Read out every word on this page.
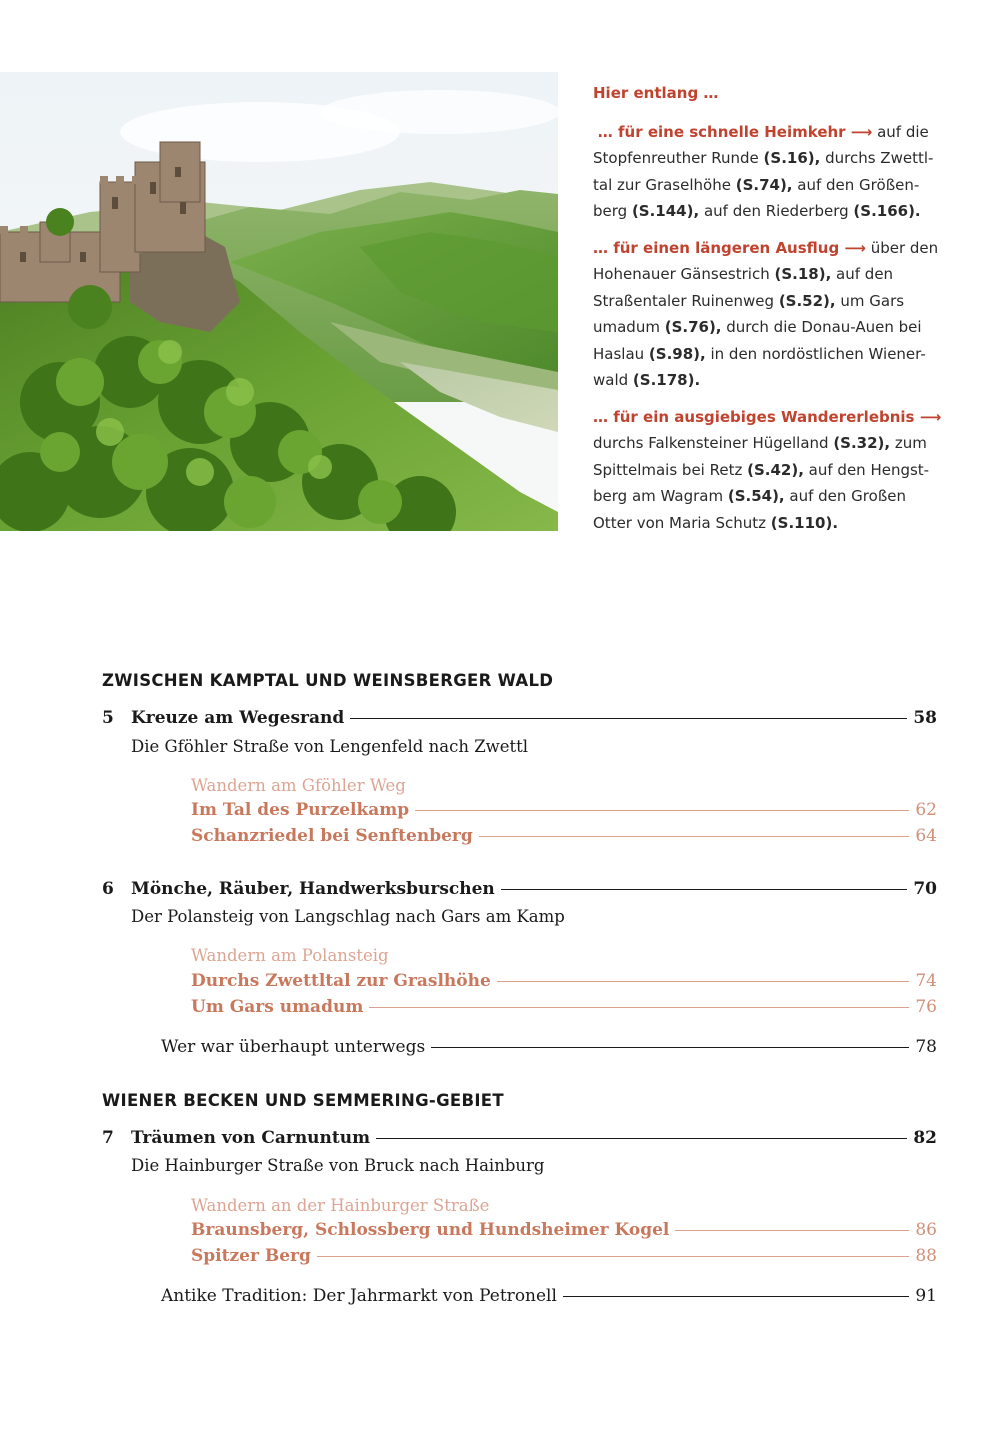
Hier entlang …
… für eine schnelle Heimkehr ⟶ auf die
Stopfenreuther Runde (S.16), durchs Zwettl-
tal zur Graselhöhe (S.74), auf den Größen-
berg (S.144), auf den Riederberg (S.166).
… für einen längeren Ausflug ⟶ über den
Hohenauer Gänsestrich (S.18), auf den
Straßentaler Ruinenweg (S.52), um Gars
umadum (S.76), durch die Donau-Auen bei
Haslau (S.98), in den nordöstlichen Wiener-
wald (S.178).
… für ein ausgiebiges Wandererlebnis ⟶
durchs Falkensteiner Hügelland (S.32), zum
Spittelmais bei Retz (S.42), auf den Hengst-
berg am Wagram (S.54), auf den Großen
Otter von Maria Schutz (S.110).
ZWISCHEN KAMPTAL UND WEINSBERGER WALD
5 Kreuze am Wegesrand	58
Die Gföhler Straße von Lengenfeld nach Zwettl
Wandern am Gföhler Weg
Im Tal des Purzelkamp	62
Schanzriedel bei Senftenberg	64
6 Mönche, Räuber, Handwerksburschen	70
Der Polansteig von Langschlag nach Gars am Kamp
Wandern am Polansteig
Durchs Zwettltal zur Graslhöhe	74
Um Gars umadum	76
Wer war überhaupt unterwegs	78
WIENER BECKEN UND SEMMERING-GEBIET
7 Träumen von Carnuntum	82
Die Hainburger Straße von Bruck nach Hainburg
Wandern an der Hainburger Straße
Braunsberg, Schlossberg und Hundsheimer Kogel	86
Spitzer Berg	88
Antike Tradition: Der Jahrmarkt von Petronell	91
